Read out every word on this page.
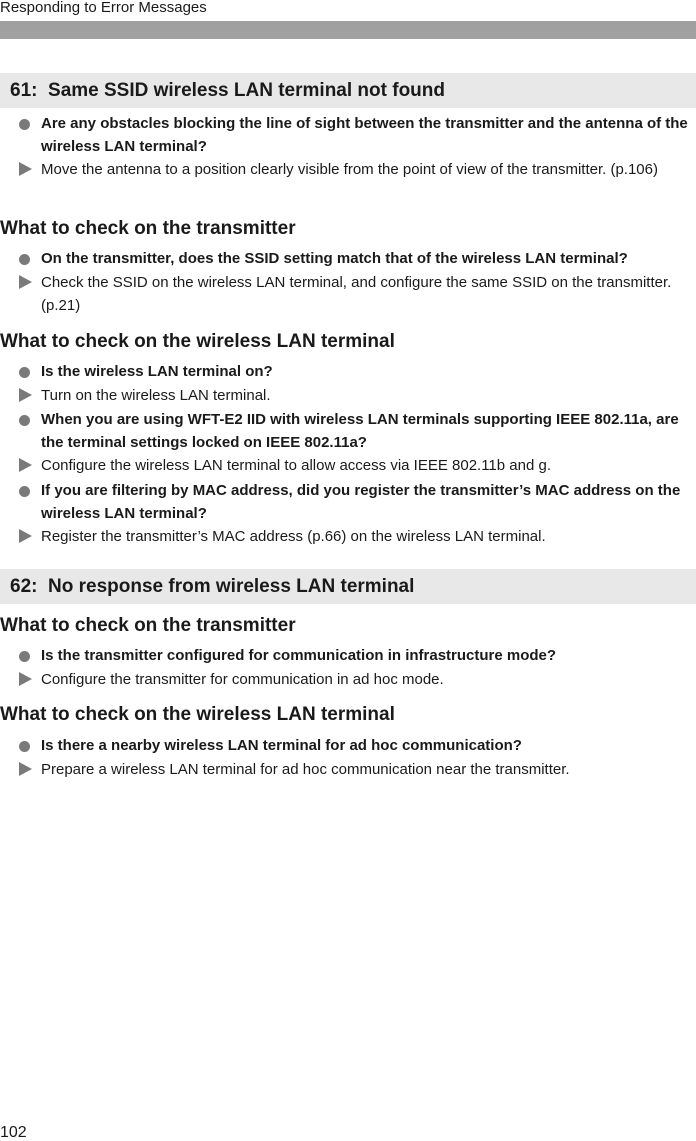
Responding to Error Messages
61:  Same SSID wireless LAN terminal not found
Are any obstacles blocking the line of sight between the transmitter and the antenna of the wireless LAN terminal?
Move the antenna to a position clearly visible from the point of view of the transmitter. (p.106)
What to check on the transmitter
On the transmitter, does the SSID setting match that of the wireless LAN terminal?
Check the SSID on the wireless LAN terminal, and configure the same SSID on the transmitter. (p.21)
What to check on the wireless LAN terminal
Is the wireless LAN terminal on?
Turn on the wireless LAN terminal.
When you are using WFT-E2 IID with wireless LAN terminals supporting IEEE 802.11a, are the terminal settings locked on IEEE 802.11a?
Configure the wireless LAN terminal to allow access via IEEE 802.11b and g.
If you are filtering by MAC address, did you register the transmitter’s MAC address on the wireless LAN terminal?
Register the transmitter’s MAC address (p.66) on the wireless LAN terminal.
62:  No response from wireless LAN terminal
What to check on the transmitter
Is the transmitter configured for communication in infrastructure mode?
Configure the transmitter for communication in ad hoc mode.
What to check on the wireless LAN terminal
Is there a nearby wireless LAN terminal for ad hoc communication?
Prepare a wireless LAN terminal for ad hoc communication near the transmitter.
102
